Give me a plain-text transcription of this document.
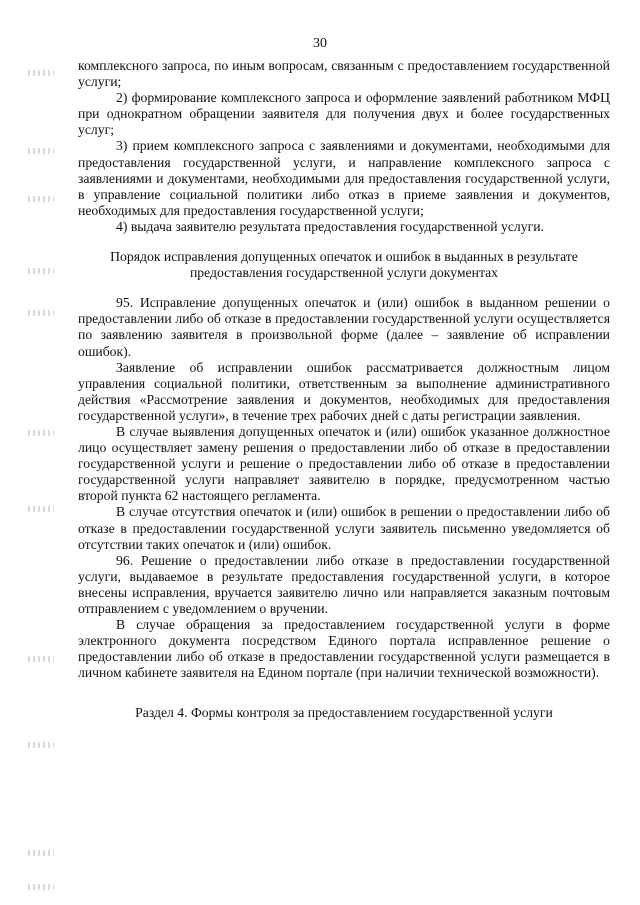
30

комплексного запроса, по иным вопросам, связанным с предоставлением государственной услуги;

2) формирование комплексного запроса и оформление заявлений работником МФЦ при однократном обращении заявителя для получения двух и более государственных услуг;

3) прием комплексного запроса с заявлениями и документами, необходимыми для предоставления государственной услуги, и направление комплексного запроса с заявлениями и документами, необходимыми для предоставления государственной услуги, в управление социальной политики либо отказ в приеме заявления и документов, необходимых для предоставления государственной услуги;

4) выдача заявителю результата предоставления государственной услуги.

Порядок исправления допущенных опечаток и ошибок в выданных в результате предоставления государственной услуги документах

95. Исправление допущенных опечаток и (или) ошибок в выданном решении о предоставлении либо об отказе в предоставлении государственной услуги осуществляется по заявлению заявителя в произвольной форме (далее – заявление об исправлении ошибок).

Заявление об исправлении ошибок рассматривается должностным лицом управления социальной политики, ответственным за выполнение административного действия «Рассмотрение заявления и документов, необходимых для предоставления государственной услуги», в течение трех рабочих дней с даты регистрации заявления.

В случае выявления допущенных опечаток и (или) ошибок указанное должностное лицо осуществляет замену решения о предоставлении либо об отказе в предоставлении государственной услуги и решение о предоставлении либо об отказе в предоставлении государственной услуги направляет заявителю в порядке, предусмотренном частью второй пункта 62 настоящего регламента.

В случае отсутствия опечаток и (или) ошибок в решении о предоставлении либо об отказе в предоставлении государственной услуги заявитель письменно уведомляется об отсутствии таких опечаток и (или) ошибок.

96. Решение о предоставлении либо отказе в предоставлении государственной услуги, выдаваемое в результате предоставления государственной услуги, в которое внесены исправления, вручается заявителю лично или направляется заказным почтовым отправлением с уведомлением о вручении.

В случае обращения за предоставлением государственной услуги в форме электронного документа посредством Единого портала исправленное решение о предоставлении либо об отказе в предоставлении государственной услуги размещается в личном кабинете заявителя на Едином портале (при наличии технической возможности).

Раздел 4. Формы контроля за предоставлением государственной услуги
